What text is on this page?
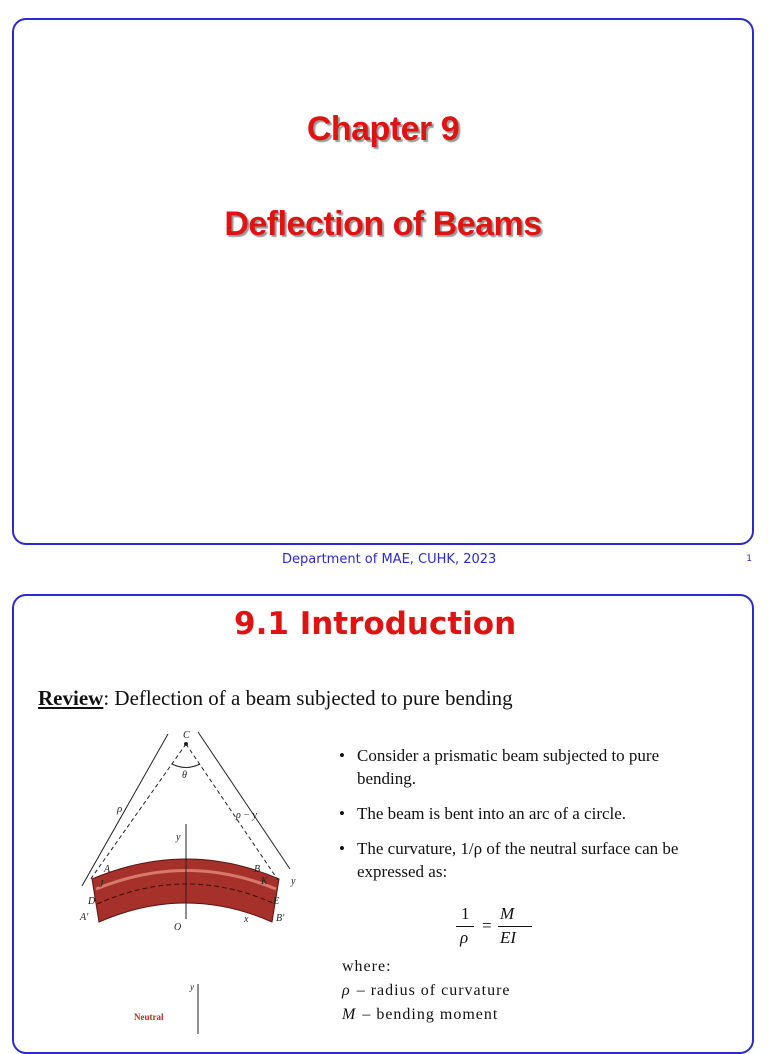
Chapter 9
Deflection of Beams
Department of MAE, CUHK, 2023	1
9.1 Introduction
Review: Deflection of a beam subjected to pure bending
C
θ
ρ
ρ − y
y
A	B
J	K y
D	E
A′
O
x	B′
• Consider a prismatic beam subjected to pure bending.
• The beam is bent into an arc of a circle.
• The curvature, 1/ρ of the neutral surface can be expressed as:
1
ρ
=
M
EI
where:
ρ – radius of curvature
M – bending moment
y
Neutral
